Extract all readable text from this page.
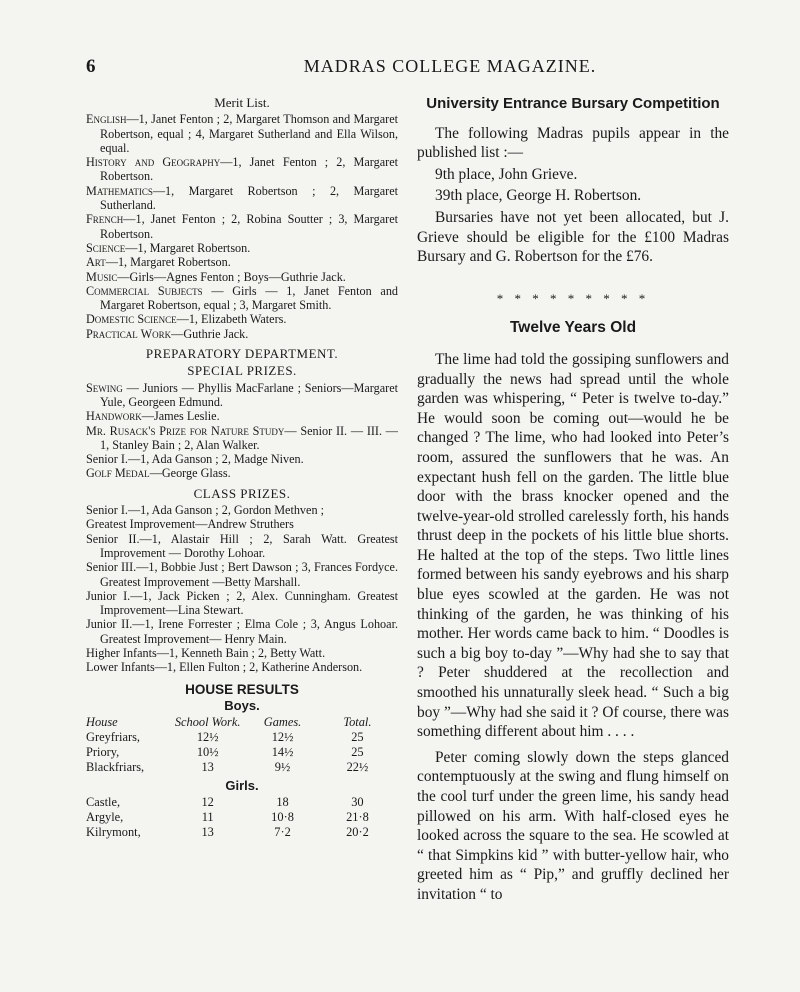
6	MADRAS COLLEGE MAGAZINE.
Merit List.
English—1, Janet Fenton ; 2, Margaret Thomson and Margaret Robertson, equal ; 4, Margaret Sutherland and Ella Wilson, equal.
History and Geography—1, Janet Fenton ; 2, Margaret Robertson.
Mathematics—1, Margaret Robertson ; 2, Margaret Sutherland.
French—1, Janet Fenton ; 2, Robina Soutter ; 3, Margaret Robertson.
Science—1, Margaret Robertson.
Art—1, Margaret Robertson.
Music—Girls—Agnes Fenton ; Boys—Guthrie Jack.
Commercial Subjects — Girls — 1, Janet Fenton and Margaret Robertson, equal ; 3, Margaret Smith.
Domestic Science—1, Elizabeth Waters.
Practical Work—Guthrie Jack.
PREPARATORY DEPARTMENT.
SPECIAL PRIZES.
Sewing — Juniors — Phyllis MacFarlane ; Seniors—Margaret Yule, Georgeen Edmund.
Handwork—James Leslie.
Mr. Rusack's Prize for Nature Study— Senior II. — III. — 1, Stanley Bain ; 2, Alan Walker.
Senior I.—1, Ada Ganson ; 2, Madge Niven.
Golf Medal—George Glass.
CLASS PRIZES.
Senior I.—1, Ada Ganson ; 2, Gordon Methven ;
Greatest Improvement—Andrew Struthers
Senior II.—1, Alastair Hill ; 2, Sarah Watt. Greatest Improvement — Dorothy Lohoar.
Senior III.—1, Bobbie Just ; Bert Dawson ; 3, Frances Fordyce. Greatest Improvement —Betty Marshall.
Junior I.—1, Jack Picken ; 2, Alex. Cunningham. Greatest Improvement—Lina Stewart.
Junior II.—1, Irene Forrester ; Elma Cole ; 3, Angus Lohoar. Greatest Improvement— Henry Main.
Higher Infants—1, Kenneth Bain ; 2, Betty Watt.
Lower Infants—1, Ellen Fulton ; 2, Katherine Anderson.
HOUSE RESULTS
Boys.
House	School Work.	Games.	Total.
Greyfriars,	12½	12½	25
Priory,	10½	14½	25
Blackfriars,	13	9½	22½
Girls.
Castle,	12	18	30
Argyle,	11	10·8	21·8
Kilrymont,	13	7·2	20·2
University Entrance Bursary Competition

The following Madras pupils appear in the published list :—

9th place, John Grieve.
39th place, George H. Robertson.

Bursaries have not yet been allocated, but J. Grieve should be eligible for the £100 Madras Bursary and G. Robertson for the £76.

* * * * * * * * *
Twelve Years Old

The lime had told the gossiping sunflowers and gradually the news had spread until the whole garden was whispering, “ Peter is twelve to-day.” He would soon be coming out—would he be changed ? The lime, who had looked into Peter’s room, assured the sunflowers that he was. An expectant hush fell on the garden. The little blue door with the brass knocker opened and the twelve-year-old strolled carelessly forth, his hands thrust deep in the pockets of his little blue shorts. He halted at the top of the steps. Two little lines formed between his sandy eyebrows and his sharp blue eyes scowled at the garden. He was not thinking of the garden, he was thinking of his mother. Her words came back to him. “ Doodles is such a big boy to-day ”—Why had she to say that ? Peter shuddered at the recollection and smoothed his unnaturally sleek head. “ Such a big boy ”—Why had she said it ? Of course, there was something different about him . . . .

Peter coming slowly down the steps glanced contemptuously at the swing and flung himself on the cool turf under the green lime, his sandy head pillowed on his arm. With half-closed eyes he looked across the square to the sea. He scowled at “ that Simpkins kid ” with butter-yellow hair, who greeted him as “ Pip,” and gruffly declined her invitation “ to
